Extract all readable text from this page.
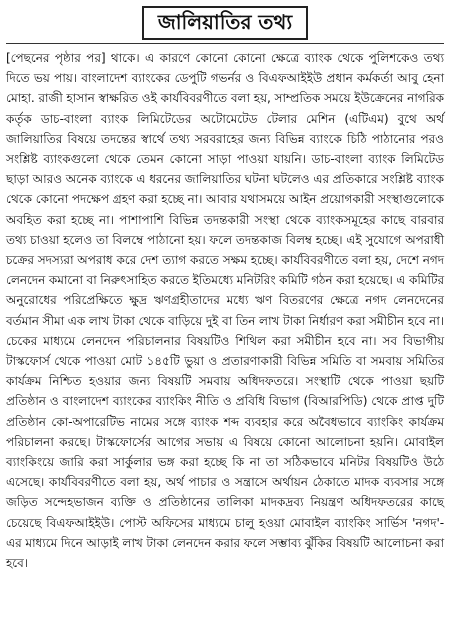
জালিয়াতির তথ্য

[পেছনের পৃষ্ঠার পর] থাকে। এ কারণে কোনো কোনো ক্ষেত্রে ব্যাংক থেকে পুলিশকেও তথ্য দিতে ভয় পায়। বাংলাদেশ ব্যাংকের ডেপুটি গভর্নর ও বিএফআইইউ প্রধান কর্মকর্তা আবু হেনা মোহা. রাজী হাসান স্বাক্ষরিত ওই কার্যবিবরণীতে বলা হয়, সাম্প্রতিক সময়ে ইউক্রেনের নাগরিক কর্তৃক ডাচ-বাংলা ব্যাংক লিমিটেডের অটোমেটেড টেলার মেশিন (এটিএম) বুথে অর্থ জালিয়াতির বিষয়ে তদন্তের স্বার্থে তথ্য সরবরাহের জন্য বিভিন্ন ব্যাংকে চিঠি পাঠানোর পরও সংশ্লিষ্ট ব্যাংকগুলো থেকে তেমন কোনো সাড়া পাওয়া যায়নি। ডাচ-বাংলা ব্যাংক লিমিটেড ছাড়া আরও অনেক ব্যাংকে এ ধরনের জালিয়াতির ঘটনা ঘটলেও এর প্রতিকারে সংশ্লিষ্ট ব্যাংক থেকে কোনো পদক্ষেপ গ্রহণ করা হচ্ছে না। আবার যথাসময়ে আইন প্রয়োগকারী সংস্থাগুলোকে অবহিত করা হচ্ছে না। পাশাপাশি বিভিন্ন তদন্তকারী সংস্থা থেকে ব্যাংকসমূহের কাছে বারবার তথ্য চাওয়া হলেও তা বিলম্বে পাঠানো হয়। ফলে তদন্তকাজ বিলম্ব হচ্ছে। এই সুযোগে অপরাধী চক্রের সদস্যরা অপরাধ করে দেশ ত্যাগ করতে সক্ষম হচ্ছে। কার্যবিবরণীতে বলা হয়, দেশে নগদ লেনদেন কমানো বা নিরুৎসাহিত করতে ইতিমধ্যে মনিটরিং কমিটি গঠন করা হয়েছে। এ কমিটির অনুরোধের পরিপ্রেক্ষিতে ক্ষুদ্র ঋণগ্রহীতাদের মধ্যে ঋণ বিতরণের ক্ষেত্রে নগদ লেনদেনের বর্তমান সীমা এক লাখ টাকা থেকে বাড়িয়ে দুই বা তিন লাখ টাকা নির্ধারণ করা সমীচীন হবে না। চেকের মাধ্যমে লেনদেন পরিচালনার বিষয়টিও শিথিল করা সমীচীন হবে না। সব বিভাগীয় টাস্কফোর্স থেকে পাওয়া মোট ১৪৫টি ভুয়া ও প্রতারণাকারী বিভিন্ন সমিতি বা সমবায় সমিতির কার্যক্রম নিশ্চিত হওয়ার জন্য বিষয়টি সমবায় অধিদফতরে। সংস্থাটি থেকে পাওয়া ছয়টি প্রতিষ্ঠান ও বাংলাদেশ ব্যাংকের ব্যাংকিং নীতি ও প্রবিধি বিভাগ (বিআরপিডি) থেকে প্রাপ্ত দুটি প্রতিষ্ঠান কো-অপারেটিভ নামের সঙ্গে ব্যাংক শব্দ ব্যবহার করে অবৈধভাবে ব্যাংকিং কার্যক্রম পরিচালনা করছে। টাস্কফোর্সের আগের সভায় এ বিষয়ে কোনো আলোচনা হয়নি। মোবাইল ব্যাংকিংয়ে জারি করা সার্কুলার ভঙ্গ করা হচ্ছে কি না তা সঠিকভাবে মনিটর বিষয়টিও উঠে এসেছে। কার্যবিবরণীতে বলা হয়, অর্থ পাচার ও সন্ত্রাসে অর্থায়ন ঠেকাতে মাদক ব্যবসার সঙ্গে জড়িত সন্দেহভাজন ব্যক্তি ও প্রতিষ্ঠানের তালিকা মাদকদ্রব্য নিয়ন্ত্রণ অধিদফতরের কাছে চেয়েছে বিএফআইইউ। পোস্ট অফিসের মাধ্যমে চালু হওয়া মোবাইল ব্যাংকিং সার্ভিস 'নগদ'-এর মাধ্যমে দিনে আড়াই লাখ টাকা লেনদেন করার ফলে সম্ভাব্য ঝুঁকির বিষয়টি আলোচনা করা হবে।
